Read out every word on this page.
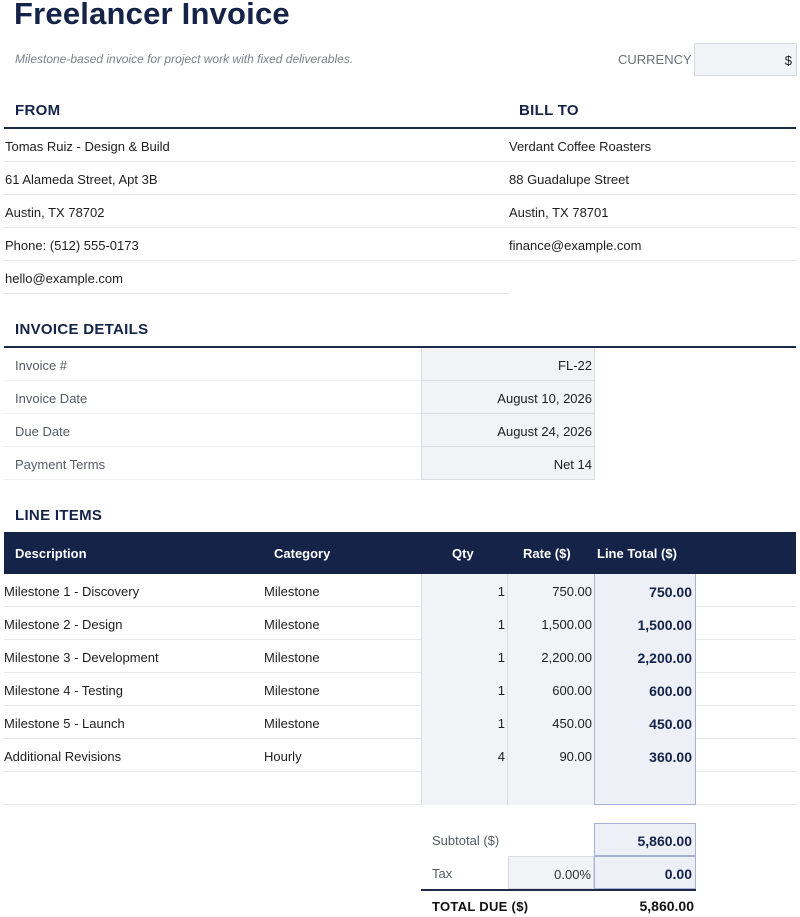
Freelancer Invoice
Milestone-based invoice for project work with fixed deliverables.	CURRENCY	$
FROM	BILL TO
Tomas Ruiz - Design & Build
61 Alameda Street, Apt 3B
Austin, TX 78702
Phone: (512) 555-0173
hello@example.com
Verdant Coffee Roasters
88 Guadalupe Street
Austin, TX 78701
finance@example.com
INVOICE DETAILS
Invoice #	FL-22
Invoice Date	August 10, 2026
Due Date	August 24, 2026
Payment Terms	Net 14
LINE ITEMS
Description	Category	Qty	Rate ($) Line Total ($)
Milestone 1 - Discovery	Milestone	1	750.00	750.00
Milestone 2 - Design	Milestone	1	1,500.00	1,500.00
Milestone 3 - Development	Milestone	1	2,200.00	2,200.00
Milestone 4 - Testing	Milestone	1	600.00	600.00
Milestone 5 - Launch	Milestone	1	450.00	450.00
Additional Revisions	Hourly	4	90.00	360.00
Subtotal ($)	5,860.00
Tax	0.00%	0.00
TOTAL DUE ($)	5,860.00
